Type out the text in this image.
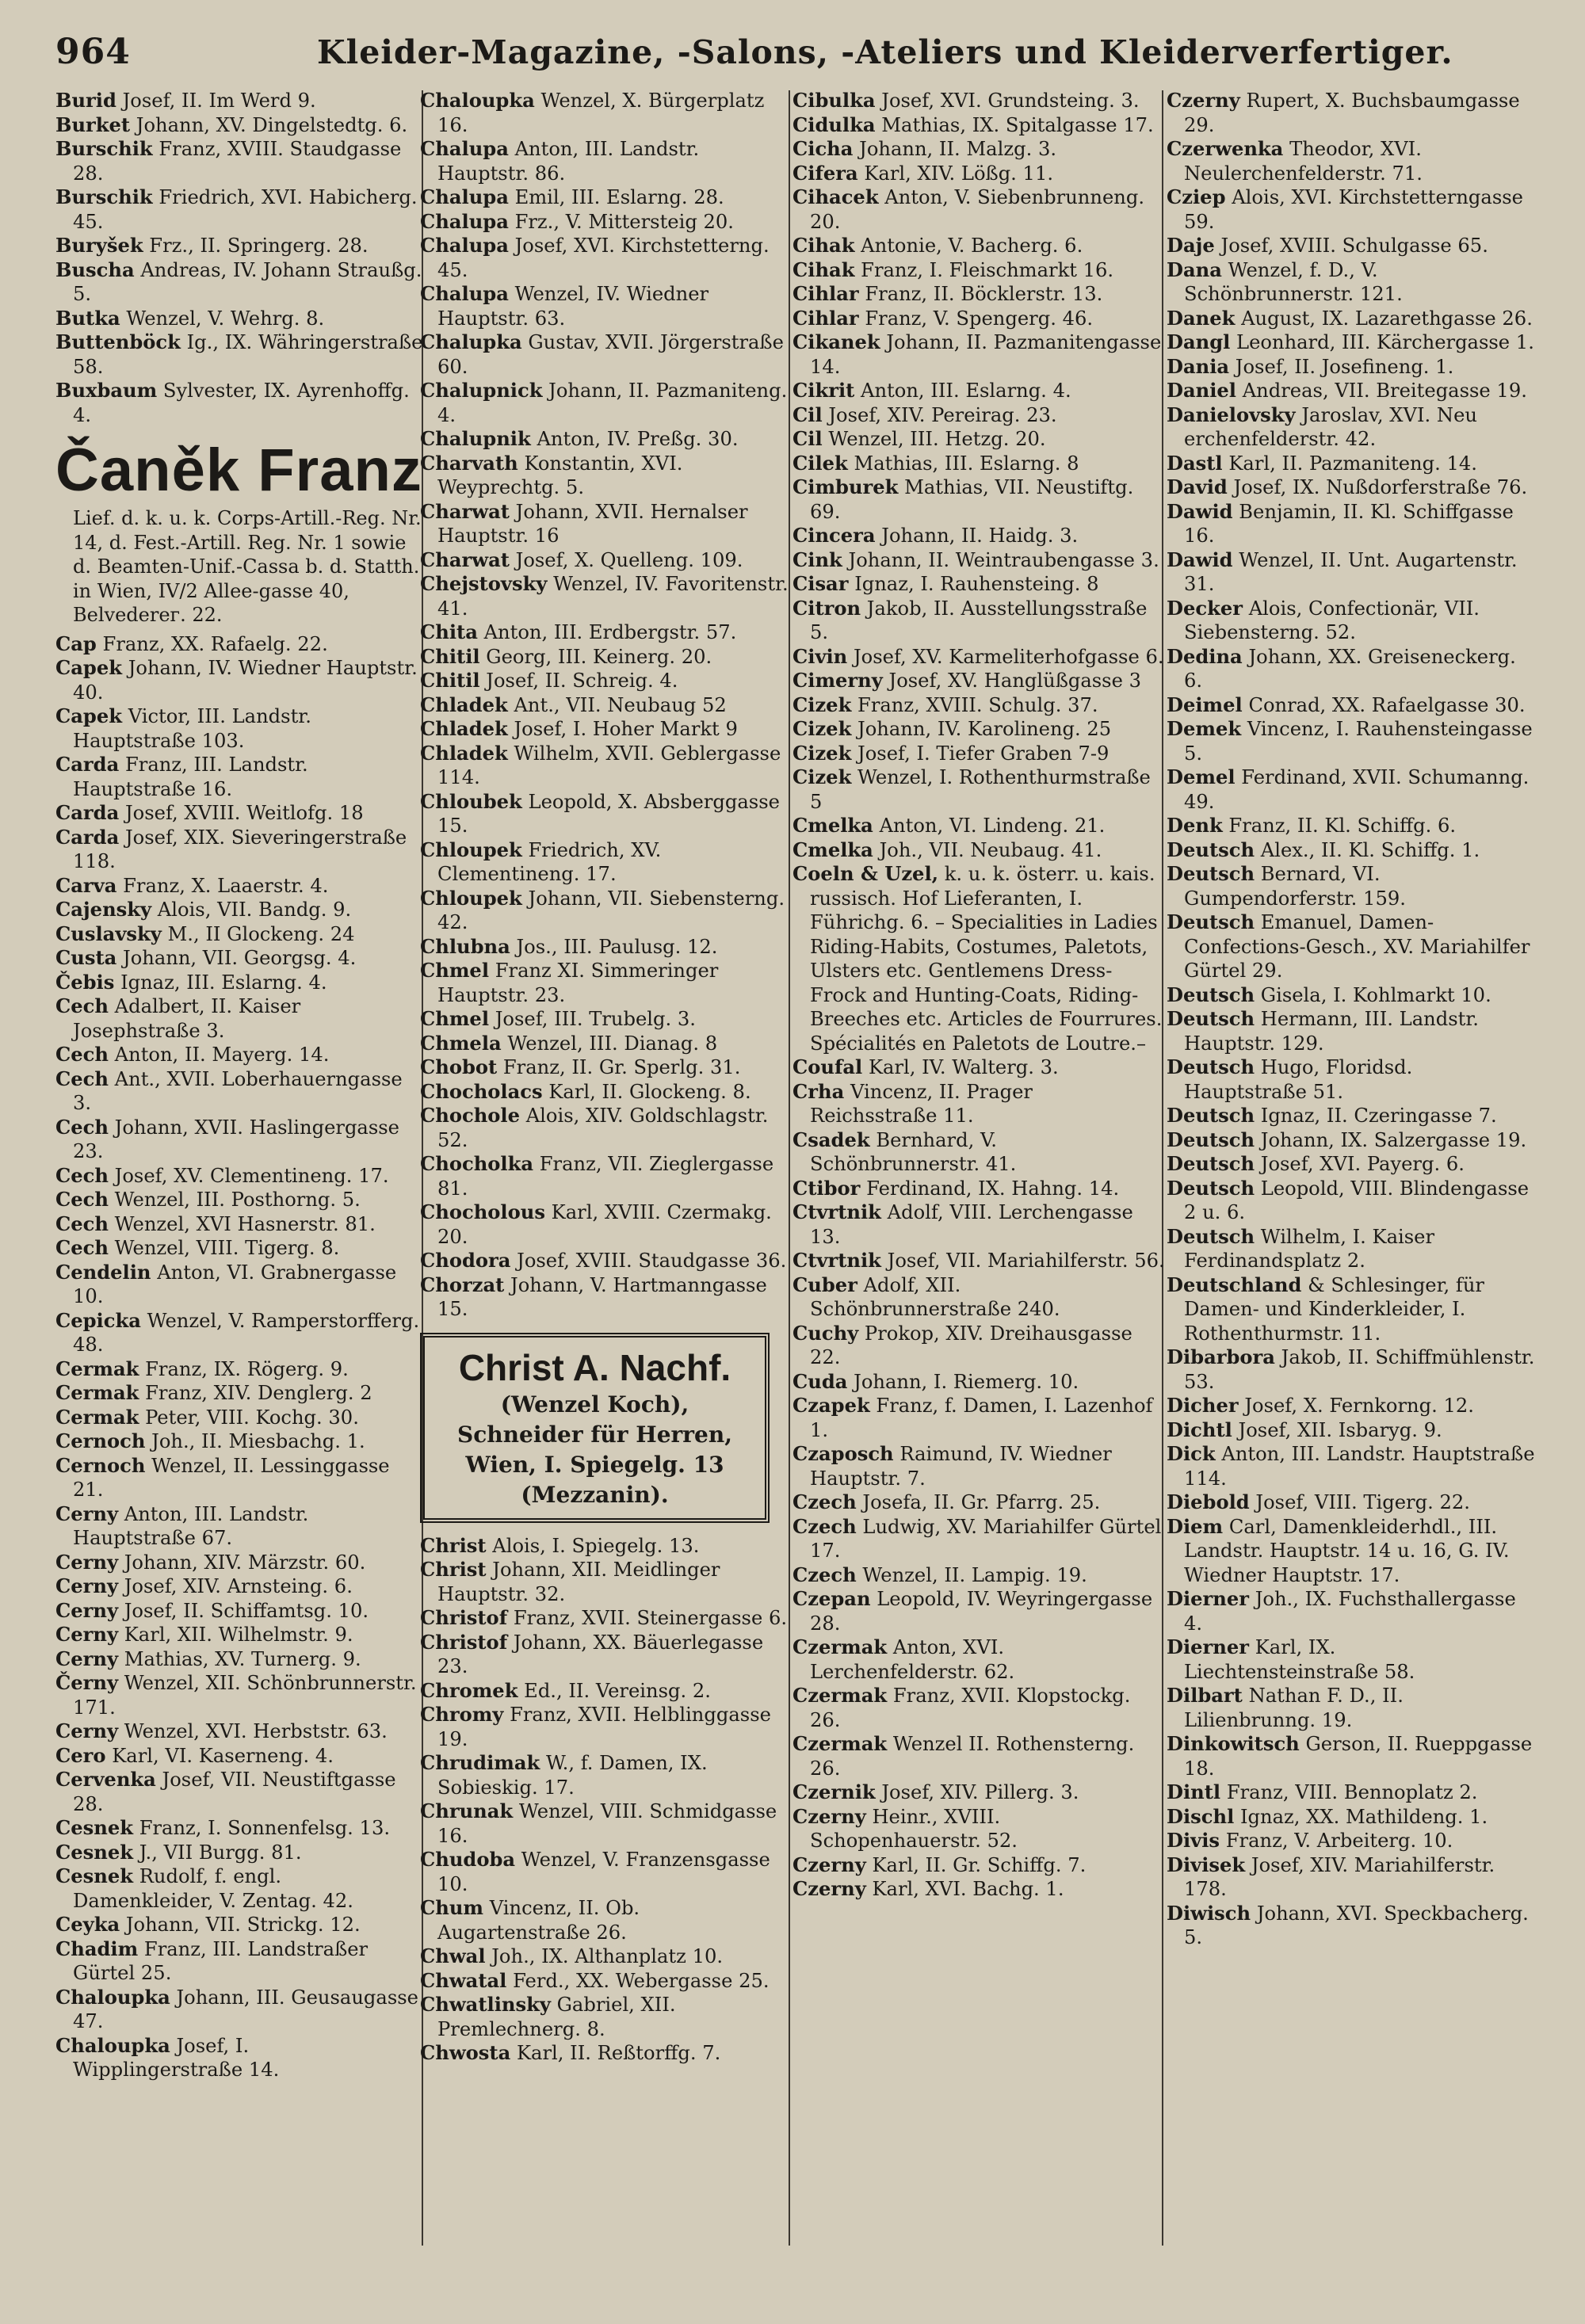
964	Kleider-Magazine, -Salons, -Ateliers und Kleiderverfertiger.

Burid Josef, II. Im Werd 9.

Burket Johann, XV. Dingelstedtg. 6.

Burschik Franz, XVIII. Staudgasse 28.

Burschik Friedrich, XVI. Habicherg. 45.

Buryšek Frz., II. Springerg. 28.

Buscha Andreas, IV. Johann Straußg. 5.

Butka Wenzel, V. Wehrg. 8.

Buttenböck Ig., IX. Währingerstraße 58.

Buxbaum Sylvester, IX. Ayrenhoffg. 4.

Čaněk Franz
Lief. d. k. u. k. Corps-Artill.-Reg. Nr. 14, d. Fest.-Artill. Reg. Nr. 1 sowie d. Beamten-Unif.-Cassa b. d. Statth. in Wien, IV/2 Allee-gasse 40, Belvederег. 22.

Cap Franz, XX. Rafaelg. 22.

Capek Johann, IV. Wiedner Hauptstr. 40.

Capek Victor, III. Landstr. Hauptstraße 103.

Carda Franz, III. Landstr. Hauptstraße 16.

Carda Josef, XVIII. Weitlofg. 18

Carda Josef, XIX. Sieveringerstraße 118.

Carva Franz, X. Laaerstr. 4.

Cajensky Alois, VII. Bandg. 9.

Cuslavsky M., II Glockeng. 24

Custa Johann, VII. Georgsg. 4.

Čebis Ignaz, III. Eslarng. 4.

Cech Adalbert, II. Kaiser Josephstraße 3.

Cech Anton, II. Mayerg. 14.

Cech Ant., XVII. Loberhauerngasse 3.

Cech Johann, XVII. Haslingergasse 23.

Cech Josef, XV. Clementineng. 17.

Cech Wenzel, III. Posthorng. 5.

Cech Wenzel, XVI Hasnerstr. 81.

Cech Wenzel, VIII. Tigerg. 8.

Cendelin Anton, VI. Grabnergasse 10.

Cepicka Wenzel, V. Ramperstorfferg. 48.

Cermak Franz, IX. Rögerg. 9.

Cermak Franz, XIV. Denglerg. 2

Cermak Peter, VIII. Kochg. 30.

Cernoch Joh., II. Miesbachg. 1.

Cernoch Wenzel, II. Lessinggasse 21.

Cerny Anton, III. Landstr. Hauptstraße 67.

Cerny Johann, XIV. Märzstr. 60.

Cerny Josef, XIV. Arnsteing. 6.

Cerny Josef, II. Schiffamtsg. 10.

Cerny Karl, XII. Wilhelmstr. 9.

Cerny Mathias, XV. Turnerg. 9.

Černy Wenzel, XII. Schönbrunnerstr. 171.

Cerny Wenzel, XVI. Herbststr. 63.

Cero Karl, VI. Kaserneng. 4.

Cervenka Josef, VII. Neustiftgasse 28.

Cesnek Franz, I. Sonnenfelsg. 13.

Cesnek J., VII Burgg. 81.

Cesnek Rudolf, f. engl. Damenkleider, V. Zentag. 42.

Ceyka Johann, VII. Strickg. 12.

Chadim Franz, III. Landstraßer Gürtel 25.

Chaloupka Johann, III. Geusaugasse 47.

Chaloupka Josef, I. Wipplingerstraße 14.

Chaloupka Wenzel, X. Bürgerplatz 16.

Chalupa Anton, III. Landstr. Hauptstr. 86.

Chalupa Emil, III. Eslarng. 28.

Chalupa Frz., V. Mittersteig 20.

Chalupa Josef, XVI. Kirchstetterng. 45.

Chalupa Wenzel, IV. Wiedner Hauptstr. 63.

Chalupka Gustav, XVII. Jörgerstraße 60.

Chalupnick Johann, II. Pazmaniteng. 4.

Chalupnik Anton, IV. Preßg. 30.

Charvath Konstantin, XVI. Weyprechtg. 5.

Charwat Johann, XVII. Hernalser Hauptstr. 16

Charwat Josef, X. Quelleng. 109.

Chejstovsky Wenzel, IV. Favoritenstr. 41.

Chita Anton, III. Erdbergstr. 57.

Chitil Georg, III. Keinerg. 20.

Chitil Josef, II. Schreig. 4.

Chladek Ant., VII. Neubaug 52

Chladek Josef, I. Hoher Markt 9

Chladek Wilhelm, XVII. Geblergasse 114.

Chloubek Leopold, X. Absberggasse 15.

Chloupek Friedrich, XV. Clementineng. 17.

Chloupek Johann, VII. Siebensterng. 42.

Chlubna Jos., III. Paulusg. 12.

Chmel Franz XI. Simmeringer Hauptstr. 23.

Chmel Josef, III. Trubelg. 3.

Chmela Wenzel, III. Dianag. 8

Chobot Franz, II. Gr. Sperlg. 31.

Chocholacs Karl, II. Glockeng. 8.

Chochole Alois, XIV. Goldschlagstr. 52.

Chocholka Franz, VII. Zieglergasse 81.

Chocholous Karl, XVIII. Czermakg. 20.

Chodora Josef, XVIII. Staudgasse 36.

Chorzat Johann, V. Hartmanngasse 15.

Christ A. Nachf.
(Wenzel Koch),
Schneider für Herren,
Wien, I. Spiegelg. 13
(Mezzanin).

Christ Alois, I. Spiegelg. 13.

Christ Johann, XII. Meidlinger Hauptstr. 32.

Christof Franz, XVII. Steinergasse 6.

Christof Johann, XX. Bäuerlegasse 23.

Chromek Ed., II. Vereinsg. 2.

Chromy Franz, XVII. Helblinggasse 19.

Chrudimak W., f. Damen, IX. Sobieskig. 17.

Chrunak Wenzel, VIII. Schmidgasse 16.

Chudoba Wenzel, V. Franzensgasse 10.

Chum Vincenz, II. Ob. Augartenstraße 26.

Chwal Joh., IX. Althanplatz 10.

Chwatal Ferd., XX. Webergasse 25.

Chwatlinsky Gabriel, XII. Premlechnerg. 8.

Chwosta Karl, II. Reßtorffg. 7.

Cibulka Josef, XVI. Grundsteing. 3.

Cidulka Mathias, IX. Spitalgasse 17.

Cicha Johann, II. Malzg. 3.

Cifera Karl, XIV. Lößg. 11.

Cihacek Anton, V. Siebenbrunneng. 20.

Cihak Antonie, V. Bacherg. 6.

Cihak Franz, I. Fleischmarkt 16.

Cihlar Franz, II. Böcklerstr. 13.

Cihlar Franz, V. Spengerg. 46.

Cikanek Johann, II. Pazmanitengasse 14.

Cikrit Anton, III. Eslarng. 4.

Cil Josef, XIV. Pereirag. 23.

Cil Wenzel, III. Hetzg. 20.

Cilek Mathias, III. Eslarng. 8

Cimburek Mathias, VII. Neustiftg. 69.

Cincera Johann, II. Haidg. 3.

Cink Johann, II. Weintraubengasse 3.

Cisar Ignaz, I. Rauhensteing. 8

Citron Jakob, II. Ausstellungsstraße 5.

Civin Josef, XV. Karmeliterhofgasse 6.

Cimerny Josef, XV. Hanglüßgasse 3

Cizek Franz, XVIII. Schulg. 37.

Cizek Johann, IV. Karolineng. 25

Cizek Josef, I. Tiefer Graben 7-9

Cizek Wenzel, I. Rothenthurmstraße 5

Cmelka Anton, VI. Lindeng. 21.

Cmelka Joh., VII. Neubaug. 41.

Coeln & Uzel, k. u. k. österr. u. kais. russisch. Hof Lieferanten, I. Führichg. 6. – Specialities in Ladies Riding-Habits, Costumes, Paletots, Ulsters etc. Gentlemens Dress-Frock and Hunting-Coats, Riding-Breeches etc. Articles de Fourrures. Spécialités en Paletots de Loutre.–

Coufal Karl, IV. Walterg. 3.

Crha Vincenz, II. Prager Reichsstraße 11.

Csadek Bernhard, V. Schönbrunnerstr. 41.

Ctibor Ferdinand, IX. Hahng. 14.

Ctvrtnik Adolf, VIII. Lerchengasse 13.

Ctvrtnik Josef, VII. Mariahilferstr. 56.

Cuber Adolf, XII. Schönbrunnerstraße 240.

Cuchy Prokop, XIV. Dreihausgasse 22.

Cuda Johann, I. Riemerg. 10.

Czapek Franz, f. Damen, I. Lazenhof 1.

Czaposch Raimund, IV. Wiedner Hauptstr. 7.

Czech Josefa, II. Gr. Pfarrg. 25.

Czech Ludwig, XV. Mariahilfer Gürtel 17.

Czech Wenzel, II. Lampig. 19.

Czepan Leopold, IV. Weyringergasse 28.

Czermak Anton, XVI. Lerchenfelderstr. 62.

Czermak Franz, XVII. Klopstockg. 26.

Czermak Wenzel II. Rothensterng. 26.

Czernik Josef, XIV. Pillerg. 3.

Czerny Heinr., XVIII. Schopenhauerstr. 52.

Czerny Karl, II. Gr. Schiffg. 7.

Czerny Karl, XVI. Bachg. 1.

Czerny Rupert, X. Buchsbaumgasse 29.

Czerwenka Theodor, XVI. Neulerchenfelderstr. 71.

Cziep Alois, XVI. Kirchstetterngasse 59.

Daje Josef, XVIII. Schulgasse 65.

Dana Wenzel, f. D., V. Schönbrunnerstr. 121.

Danek August, IX. Lazarethgasse 26.

Dangl Leonhard, III. Kärchergasse 1.

Dania Josef, II. Josefineng. 1.

Daniel Andreas, VII. Breitegasse 19.

Danielovsky Jaroslav, XVI. Neu erchenfelderstr. 42.

Dastl Karl, II. Pazmaniteng. 14.

David Josef, IX. Nußdorferstraße 76.

Dawid Benjamin, II. Kl. Schiffgasse 16.

Dawid Wenzel, II. Unt. Augartenstr. 31.

Decker Alois, Confectionär, VII. Siebensterng. 52.

Dedina Johann, XX. Greiseneckerg. 6.

Deimel Conrad, XX. Rafaelgasse 30.

Demek Vincenz, I. Rauhensteingasse 5.

Demel Ferdinand, XVII. Schumanng. 49.

Denk Franz, II. Kl. Schiffg. 6.

Deutsch Alex., II. Kl. Schiffg. 1.

Deutsch Bernard, VI. Gumpendorferstr. 159.

Deutsch Emanuel, Damen-Confections-Gesch., XV. Mariahilfer Gürtel 29.

Deutsch Gisela, I. Kohlmarkt 10.

Deutsch Hermann, III. Landstr. Hauptstr. 129.

Deutsch Hugo, Floridsd. Hauptstraße 51.

Deutsch Ignaz, II. Czeringasse 7.

Deutsch Johann, IX. Salzergasse 19.

Deutsch Josef, XVI. Payerg. 6.

Deutsch Leopold, VIII. Blindengasse 2 u. 6.

Deutsch Wilhelm, I. Kaiser Ferdinandsplatz 2.

Deutschland & Schlesinger, für Damen- und Kinderkleider, I. Rothenthurmstr. 11.

Dibarbora Jakob, II. Schiffmühlenstr. 53.

Dicher Josef, X. Fernkorng. 12.

Dichtl Josef, XII. Isbaryg. 9.

Dick Anton, III. Landstr. Hauptstraße 114.

Diebold Josef, VIII. Tigerg. 22.

Diem Carl, Damenkleiderhdl., III. Landstr. Hauptstr. 14 u. 16, G. IV. Wiedner Hauptstr. 17.

Dierner Joh., IX. Fuchsthallergasse 4.

Dierner Karl, IX. Liechtensteinstraße 58.

Dilbart Nathan F. D., II. Lilienbrunng. 19.

Dinkowitsch Gerson, II. Rueppgasse 18.

Dintl Franz, VIII. Bennoplatz 2.

Dischl Ignaz, XX. Mathildeng. 1.

Divis Franz, V. Arbeiterg. 10.

Divisek Josef, XIV. Mariahilferstr. 178.

Diwisch Johann, XVI. Speckbacherg. 5.
